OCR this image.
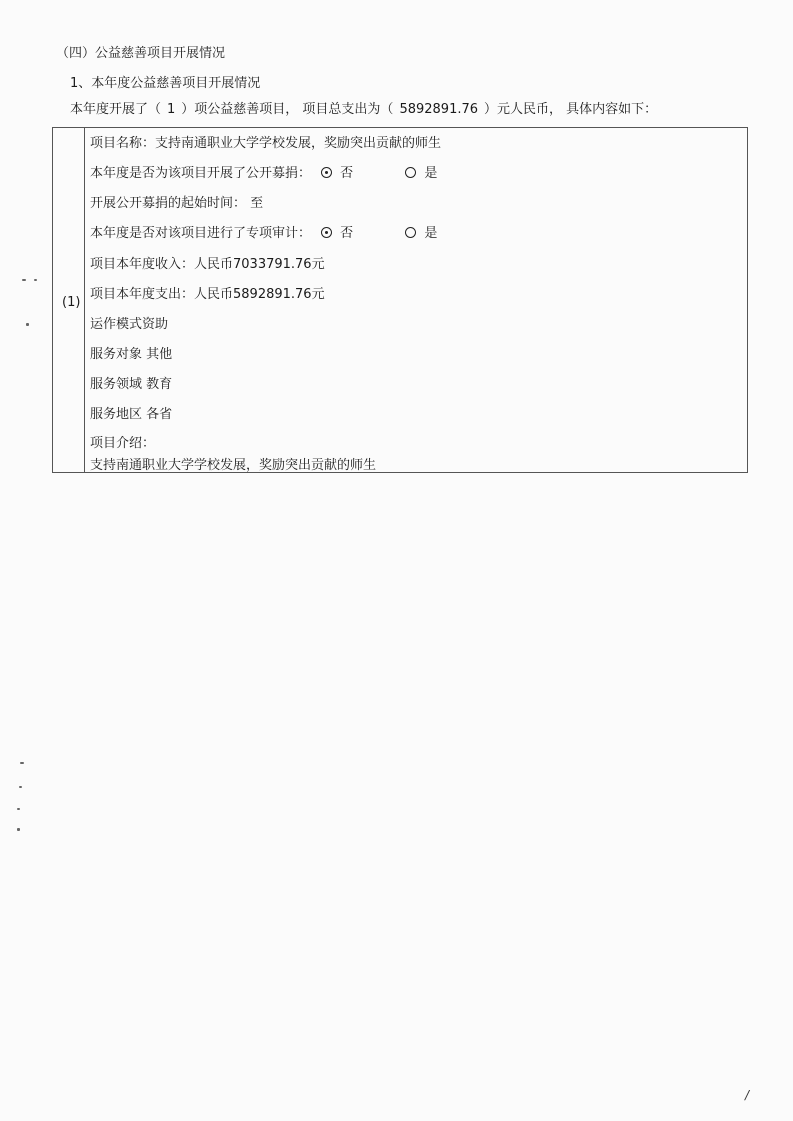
（四）公益慈善项目开展情况
1、本年度公益慈善项目开展情况
本年度开展了（ 1 ）项公益慈善项目， 项目总支出为（ 5892891.76 ）元人民币， 具体内容如下：
(1)
项目名称：支持南通职业大学学校发展，奖励突出贡献的师生
本年度是否为该项目开展了公开募捐： 否	是
开展公开募捐的起始时间： 至
本年度是否对该项目进行了专项审计： 否	是
项目本年度收入：人民币7033791.76元
项目本年度支出：人民币5892891.76元
运作模式资助
服务对象 其他
服务领域 教育
服务地区 各省
项目介绍：
支持南通职业大学学校发展，奖励突出贡献的师生
/
